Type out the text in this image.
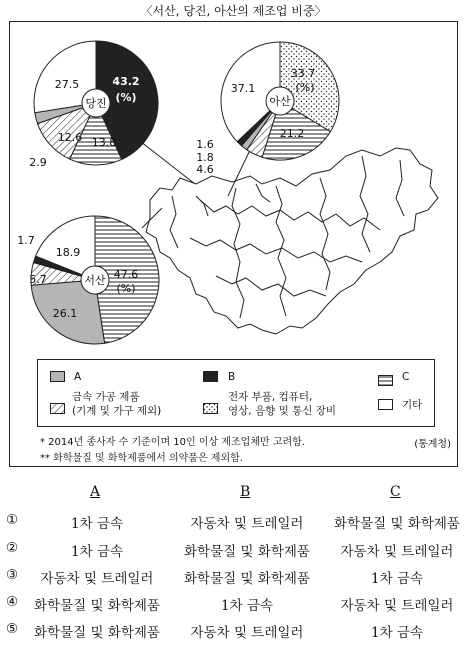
〈서산, 당진, 아산의 제조업 비중〉
당진
43.2
(%)
13.8
12.6
2.9
27.5
아산
33.7
(%)
21.2
4.6
1.8
1.6
37.1
서산 47.6
(%)
26.1
5.7
1.7
18.9
A	B	C
금속 가공 제품
(기계 및 가구 제외)
전자 부품, 컴퓨터,
영상, 음향 및 통신 장비	기타
* 2014년 종사자 수 기준이며 10인 이상 제조업체만 고려함.
** 화학물질 및 화학제품에서 의약품은 제외함.
(통계청)
A	B	C
①	1차 금속	자동차 및 트레일러	화학물질 및 화학제품
②	1차 금속	화학물질 및 화학제품	자동차 및 트레일러
③	자동차 및 트레일러	화학물질 및 화학제품	1차 금속
④	화학물질 및 화학제품	1차 금속	자동차 및 트레일러
⑤	화학물질 및 화학제품	자동차 및 트레일러	1차 금속
